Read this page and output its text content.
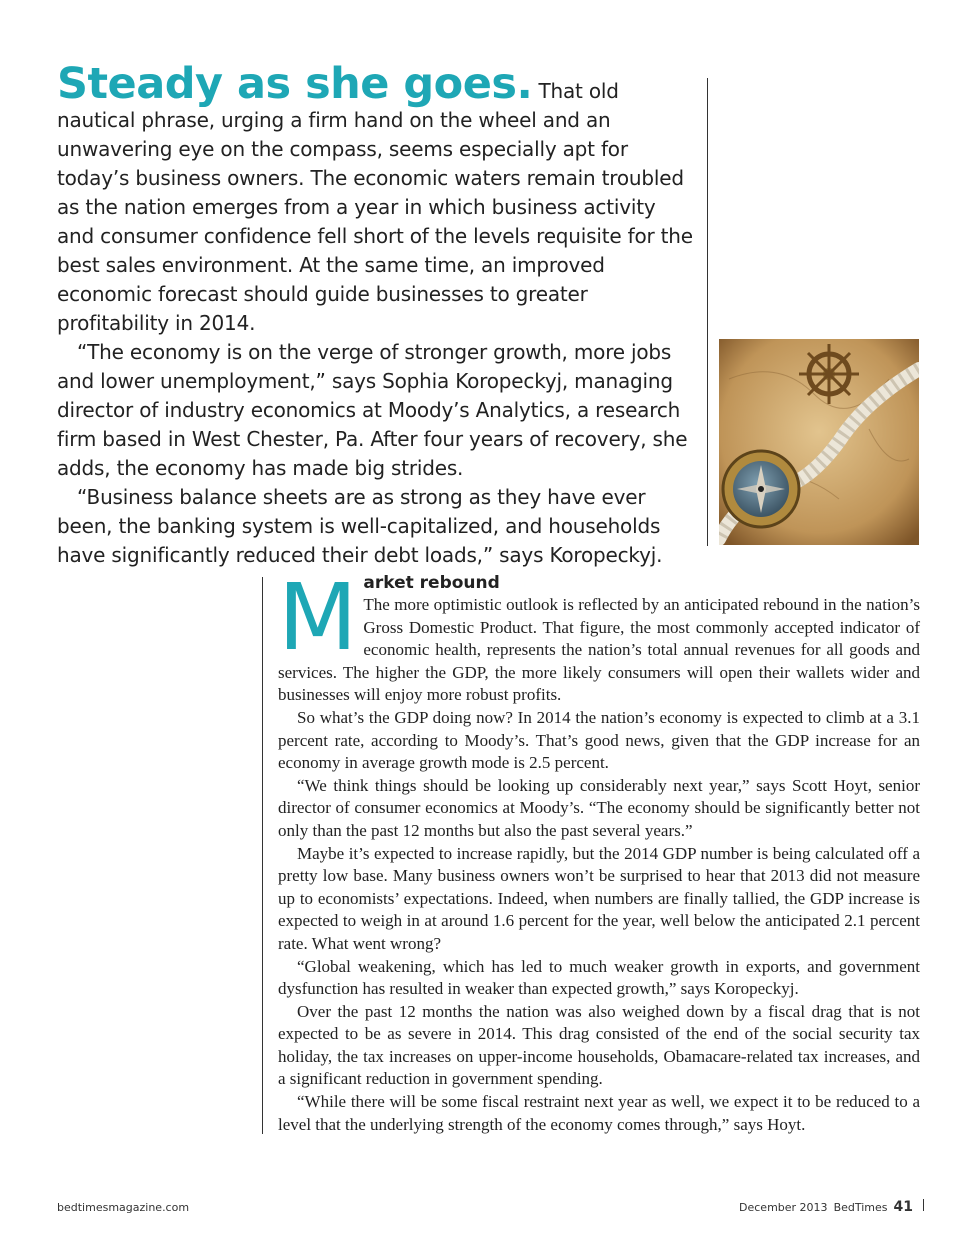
Steady as she goes. That old nautical phrase, urging a firm hand on the wheel and an unwavering eye on the compass, seems especially apt for today’s business owners. The economic waters remain troubled as the nation emerges from a year in which business activity and consumer confidence fell short of the levels requisite for the best sales environment. At the same time, an improved economic forecast should guide businesses to greater profitability in 2014.

“The economy is on the verge of stronger growth, more jobs and lower unemployment,” says Sophia Koropeckyj, managing director of industry economics at Moody’s Analytics, a research firm based in West Chester, Pa. After four years of recovery, she adds, the economy has made big strides.

“Business balance sheets are as strong as they have ever been, the banking system is well-capitalized, and households have significantly reduced their debt loads,” says Koropeckyj.

M arket rebound
The more optimistic outlook is reflected by an anticipated rebound in the nation’s Gross Domestic Product. That figure, the most commonly accepted indicator of economic health, represents the nation’s total annual revenues for all goods and services. The higher the GDP, the more likely consumers will open their wallets wider and businesses will enjoy more robust profits.

So what’s the GDP doing now? In 2014 the nation’s economy is expected to climb at a 3.1 percent rate, according to Moody’s. That’s good news, given that the GDP increase for an economy in average growth mode is 2.5 percent.

“We think things should be looking up considerably next year,” says Scott Hoyt, senior director of consumer economics at Moody’s. “The economy should be significantly better not only than the past 12 months but also the past several years.”

Maybe it’s expected to increase rapidly, but the 2014 GDP number is being calculated off a pretty low base. Many business owners won’t be surprised to hear that 2013 did not measure up to economists’ expectations. Indeed, when numbers are finally tallied, the GDP increase is expected to weigh in at around 1.6 percent for the year, well below the anticipated 2.1 percent rate. What went wrong?

“Global weakening, which has led to much weaker growth in exports, and government dysfunction has resulted in weaker than expected growth,” says Koropeckyj.

Over the past 12 months the nation was also weighed down by a fiscal drag that is not expected to be as severe in 2014. This drag consisted of the end of the social security tax holiday, the tax increases on upper-income households, Obamacare-related tax increases, and a significant reduction in government spending.

“While there will be some fiscal restraint next year as well, we expect it to be reduced to a level that the underlying strength of the economy comes through,” says Hoyt.

bedtimesmagazine.com	December 2013 BedTimes 41
